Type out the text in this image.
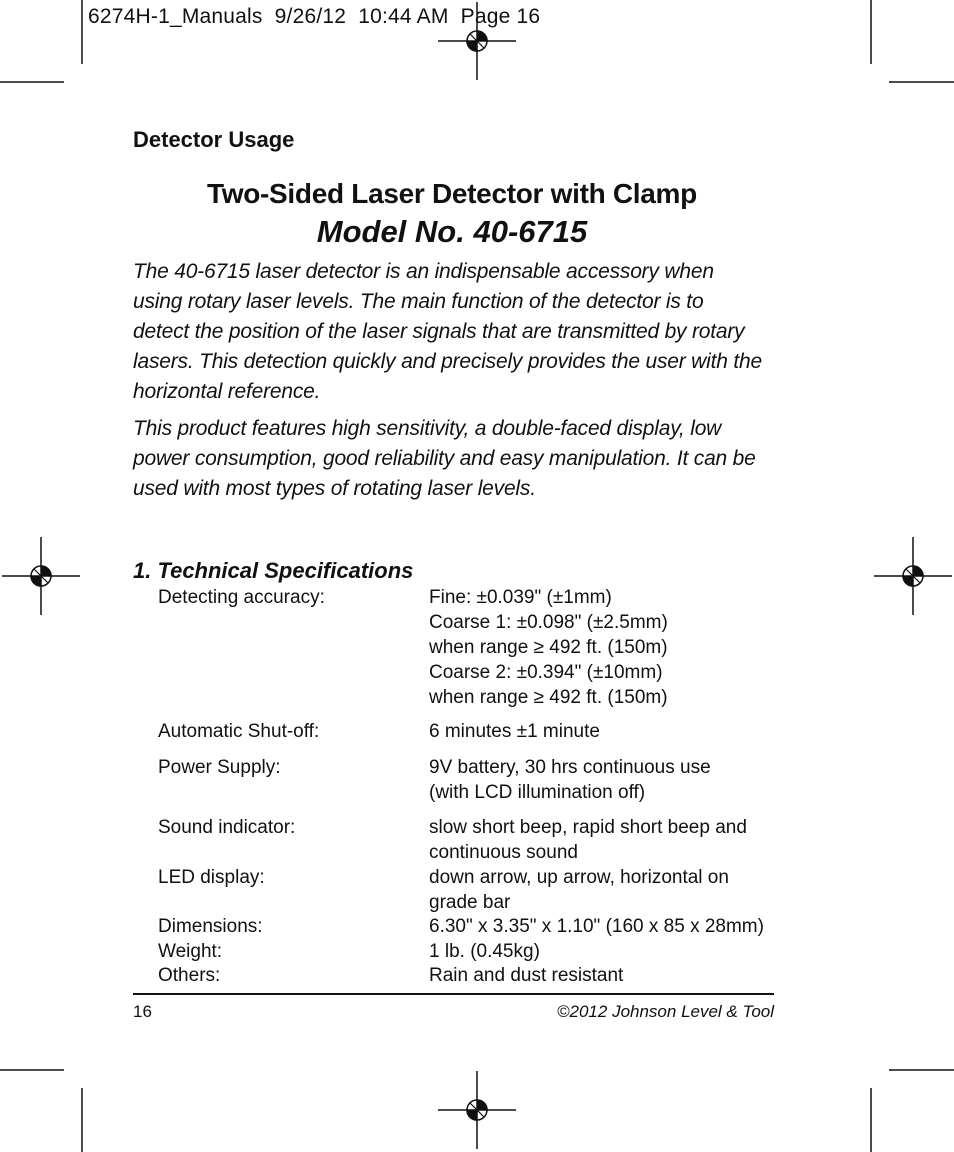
6274H-1_Manuals  9/26/12  10:44 AM  Page 16
Detector Usage
Two-Sided Laser Detector with Clamp
Model No. 40-6715

The 40-6715 laser detector is an indispensable accessory when
using rotary laser levels. The main function of the detector is to
detect the position of the laser signals that are transmitted by rotary
lasers. This detection quickly and precisely provides the user with the
horizontal reference.

This product features high sensitivity, a double-faced display, low
power consumption, good reliability and easy manipulation. It can be
used with most types of rotating laser levels.

1. Technical Specifications
Detecting accuracy:	Fine: ±0.039" (±1mm)
Coarse 1: ±0.098" (±2.5mm)
when range ≥ 492 ft. (150m)
Coarse 2: ±0.394" (±10mm)
when range ≥ 492 ft. (150m)
Automatic Shut-off:	6 minutes ±1 minute
Power Supply:	9V battery, 30 hrs continuous use
(with LCD illumination off)
Sound indicator:	slow short beep, rapid short beep and
continuous sound
LED display:	down arrow, up arrow, horizontal on
grade bar
Dimensions:	6.30" x 3.35" x 1.10" (160 x 85 x 28mm)
Weight:	1 lb. (0.45kg)
Others:	Rain and dust resistant
16	©2012 Johnson Level & Tool
